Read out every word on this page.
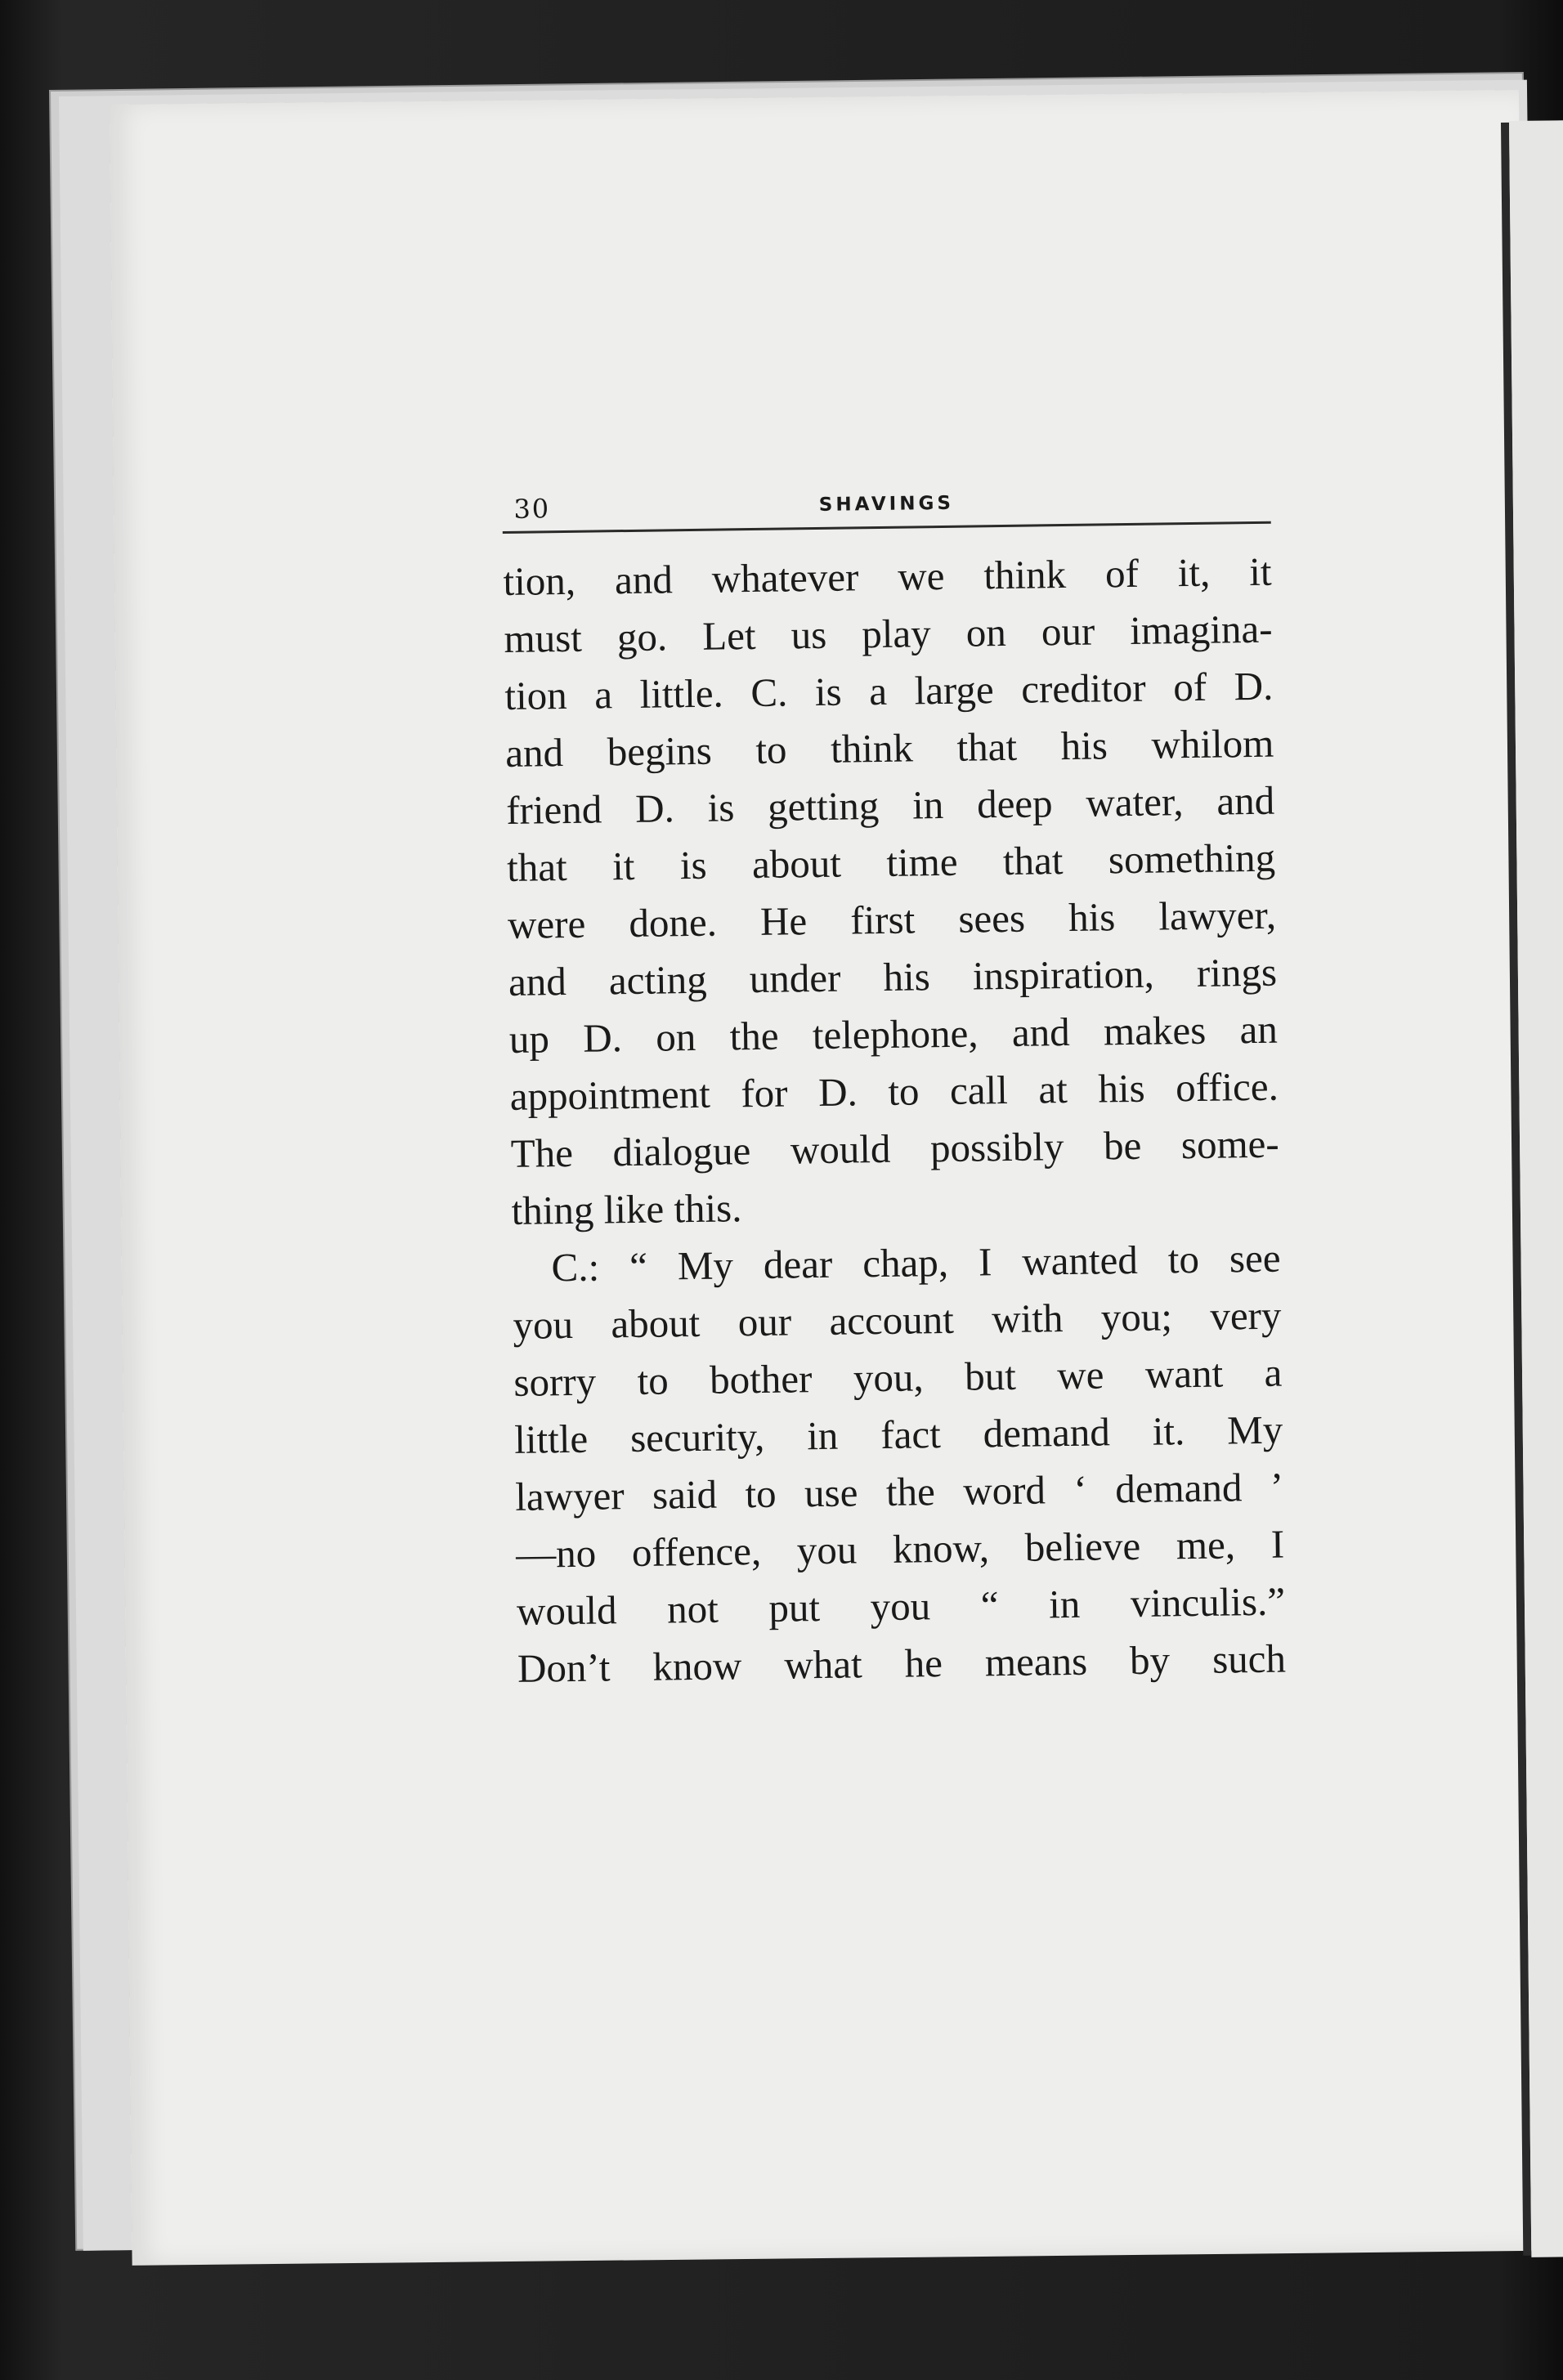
30	SHAVINGS

tion, and whatever we think of it, it
must go. Let us play on our imagina-
tion a little. C. is a large creditor of D.
and begins to think that his whilom
friend D. is getting in deep water, and
that it is about time that something
were done. He first sees his lawyer,
and acting under his inspiration, rings
up D. on the telephone, and makes an
appointment for D. to call at his office.
The dialogue would possibly be some-
thing like this.

C.: “ My dear chap, I wanted to see
you about our account with you; very
sorry to bother you, but we want a
little security, in fact demand it. My
lawyer said to use the word ‘ demand ’
—no offence, you know, believe me, I
would not put you “ in vinculis.”
Don’t know what he means by such
